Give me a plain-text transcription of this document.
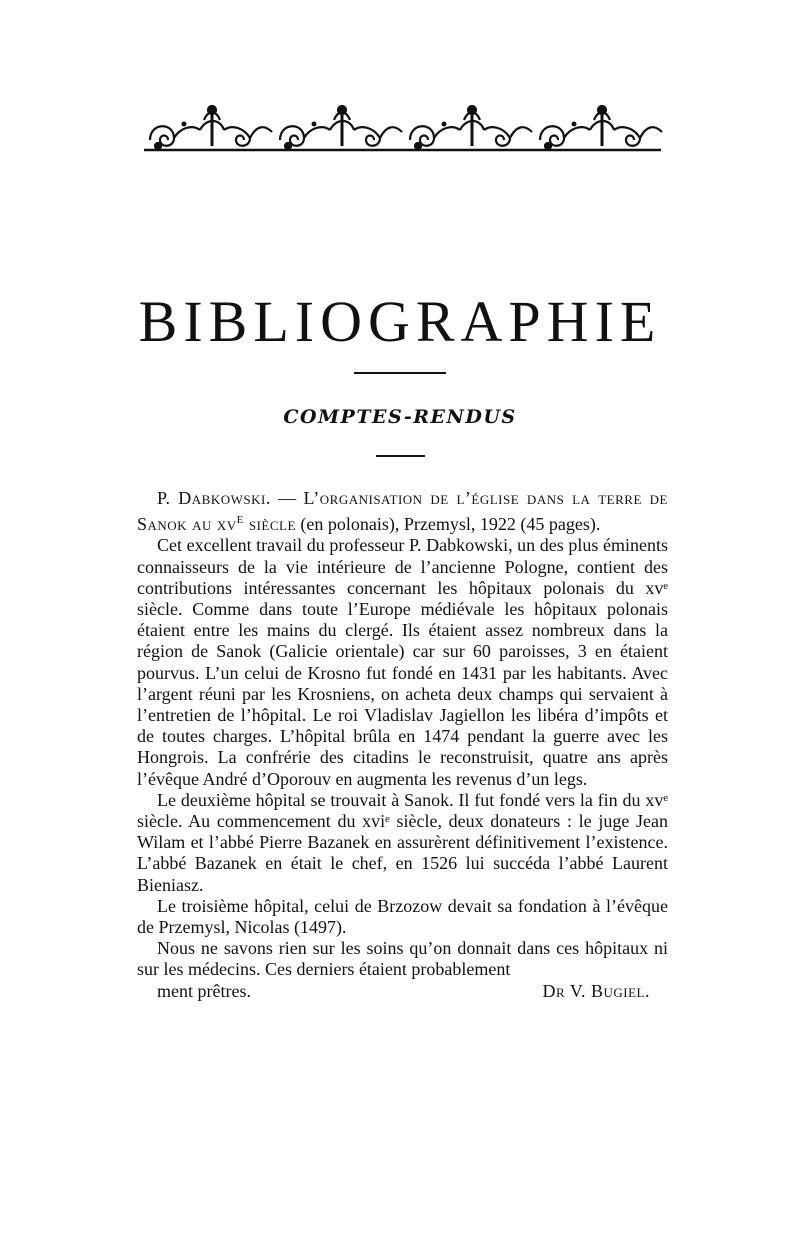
BIBLIOGRAPHIE
COMPTES-RENDUS

P. Dabkowski. — L’organisation de l’église dans la terre de Sanok au $xv^e$ siècle (en polonais), Przemysl, 1922 (45 pages).

Cet excellent travail du professeur P. Dabkowski, un des plus éminents connaisseurs de la vie intérieure de l’ancienne Pologne, contient des contributions intéressantes concernant les hôpitaux polonais du xvᵉ siècle. Comme dans toute l’Europe médiévale les hôpitaux polonais étaient entre les mains du clergé. Ils étaient assez nombreux dans la région de Sanok (Galicie orientale) car sur 60 paroisses, 3 en étaient pourvus. L’un celui de Krosno fut fondé en 1431 par les habitants. Avec l’argent réuni par les Krosniens, on acheta deux champs qui servaient à l’entretien de l’hôpital. Le roi Vladislav Jagiellon les libéra d’impôts et de toutes charges. L’hôpital brûla en 1474 pendant la guerre avec les Hongrois. La confrérie des citadins le reconstruisit, quatre ans après l’évêque André d’Oporouv en augmenta les revenus d’un legs.

Le deuxième hôpital se trouvait à Sanok. Il fut fondé vers la fin du xvᵉ siècle. Au commencement du xviᵉ siècle, deux donateurs : le juge Jean Wilam et l’abbé Pierre Bazanek en assurèrent définitivement l’existence. L’abbé Bazanek en était le chef, en 1526 lui succéda l’abbé Laurent Bieniasz.

Le troisième hôpital, celui de Brzozow devait sa fondation à l’évêque de Przemysl, Nicolas (1497).

Nous ne savons rien sur les soins qu’on donnait dans ces hôpitaux ni sur les médecins. Ces derniers étaient probablement

ment prêtres.	Dr V. Bugiel.
